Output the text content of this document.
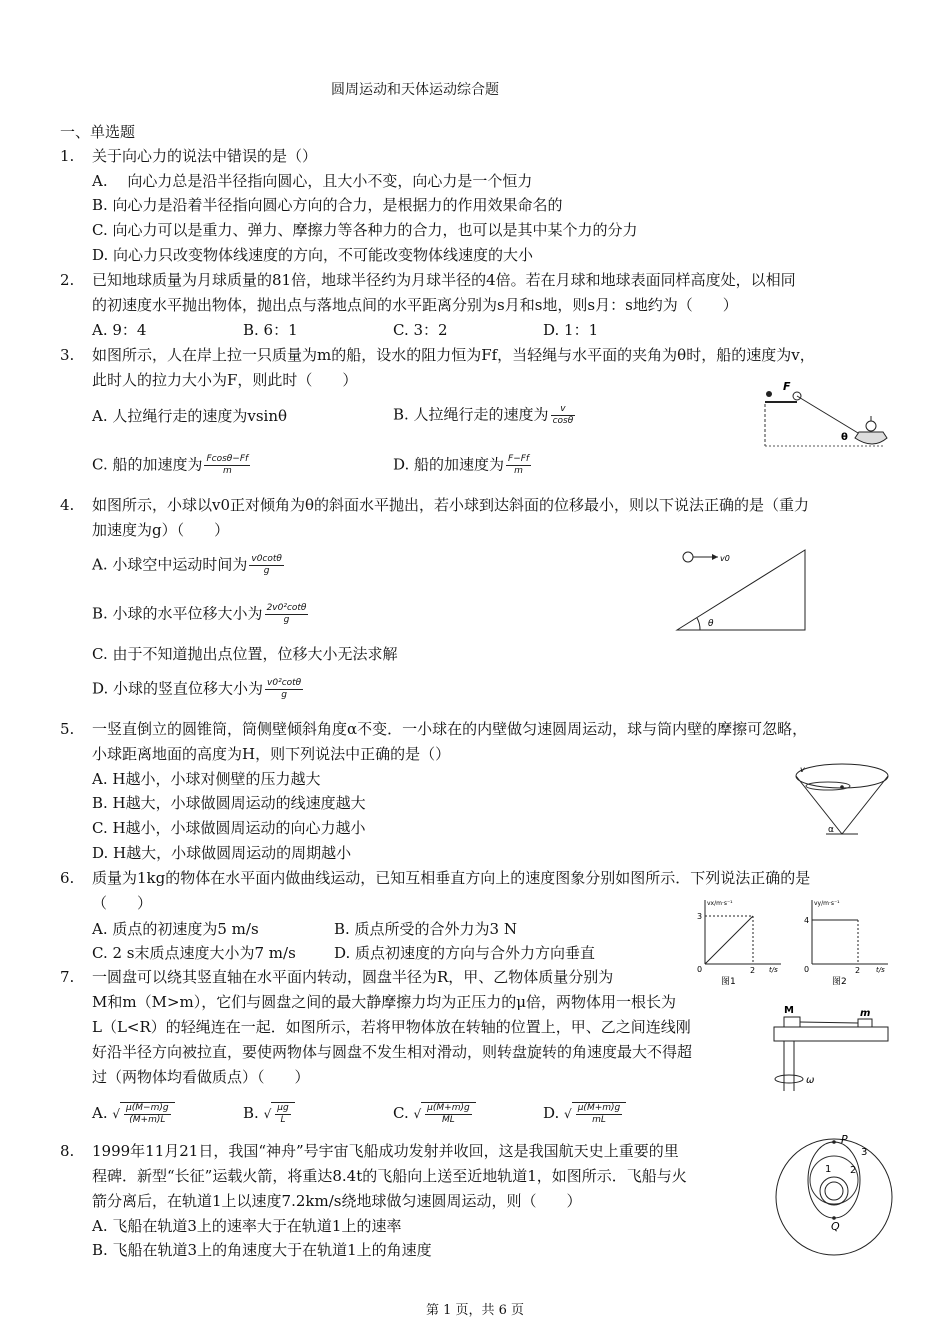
圆周运动和天体运动综合题
一、单选题
1. 关于向心力的说法中错误的是（）
A.　 向心力总是沿半径指向圆心，且大小不变，向心力是一个恒力
B. 向心力是沿着半径指向圆心方向的合力，是根据力的作用效果命名的
C. 向心力可以是重力、弹力、摩擦力等各种力的合力，也可以是其中某个力的分力
D. 向心力只改变物体线速度的方向，不可能改变物体线速度的大小
2. 已知地球质量为月球质量的81倍，地球半径约为月球半径的4倍。若在月球和地球表面同样高度处，以相同
的初速度水平抛出物体，抛出点与落地点间的水平距离分别为s月和s地，则s月：s地约为（　　）
A. 9：4	B. 6：1	C. 3：2	D. 1：1
3. 如图所示，人在岸上拉一只质量为m的船，设水的阻力恒为Ff，当轻绳与水平面的夹角为θ时，船的速度为v，
此时人的拉力大小为F，则此时（　　）
A. 人拉绳行走的速度为vsinθ	B. 人拉绳行走的速度为 $\frac{v}{\cos\theta}$
C. 船的加速度为 $\frac{Fcos\theta-Ff}{m}$	D. 船的加速度为 $\frac{F-Ff}{m}$
F
θ
4. 如图所示，小球以v0正对倾角为θ的斜面水平抛出，若小球到达斜面的位移最小，则以下说法正确的是（重力
加速度为g）（　　）
A. 小球空中运动时间为 $\frac{v0\cot\theta}{g}$
B. 小球的水平位移大小为 $\frac{\text{2v0²cotθ}}{g}$
C. 由于不知道抛出点位置，位移大小无法求解
D. 小球的竖直位移大小为 $\frac{\text{v0²cotθ}}{g}$
v0
θ
5. 一竖直倒立的圆锥筒，筒侧壁倾斜角度α不变．一小球在的内壁做匀速圆周运动，球与筒内壁的摩擦可忽略，
小球距离地面的高度为H，则下列说法中正确的是（）
A. H越小，小球对侧壁的压力越大
B. H越大，小球做圆周运动的线速度越大
C. H越小，小球做圆周运动的向心力越小
D. H越大，小球做圆周运动的周期越小
v
α
6. 质量为1kg的物体在水平面内做曲线运动，已知互相垂直方向上的速度图象分别如图所示．下列说法正确的是
（　　）
A. 质点的初速度为5 m/s	B. 质点所受的合外力为3 N
C. 2 s末质点速度大小为7 m/s	D. 质点初速度的方向与合外力方向垂直
vx/m·s⁻¹
3
0	2 t/s
图1
vy/m·s⁻¹
4
0	2 t/s
图2
7. 一圆盘可以绕其竖直轴在水平面内转动，圆盘半径为R，甲、乙物体质量分别为
M和m（M>m），它们与圆盘之间的最大静摩擦力均为正压力的μ倍，两物体用一根长为
L（L<R）的轻绳连在一起．如图所示，若将甲物体放在转轴的位置上，甲、乙之间连线刚
好沿半径方向被拉直，要使两物体与圆盘不发生相对滑动，则转盘旋转的角速度最大不得超
过（两物体均看做质点）（　　）
A. √ $\frac{\mu(M-m)g}{(M+m)L}$	B. √ $\frac{\mu g}{L}$	C. √ $\frac{\mu(M+m)g}{ML}$	D. √ $\frac{\mu(M+m)g}{mL}$
M	m
ω
8. 1999年11月21日，我国“神舟”号宇宙飞船成功发射并收回，这是我国航天史上重要的里
程碑．新型“长征”运载火箭，将重达8.4t的飞船向上送至近地轨道1，如图所示．飞船与火
箭分离后，在轨道1上以速度7.2km/s绕地球做匀速圆周运动，则（　　）
A. 飞船在轨道3上的速率大于在轨道1上的速率
B. 飞船在轨道3上的角速度大于在轨道1上的角速度
P
Q
1 2
3
第 1 页，共 6 页
